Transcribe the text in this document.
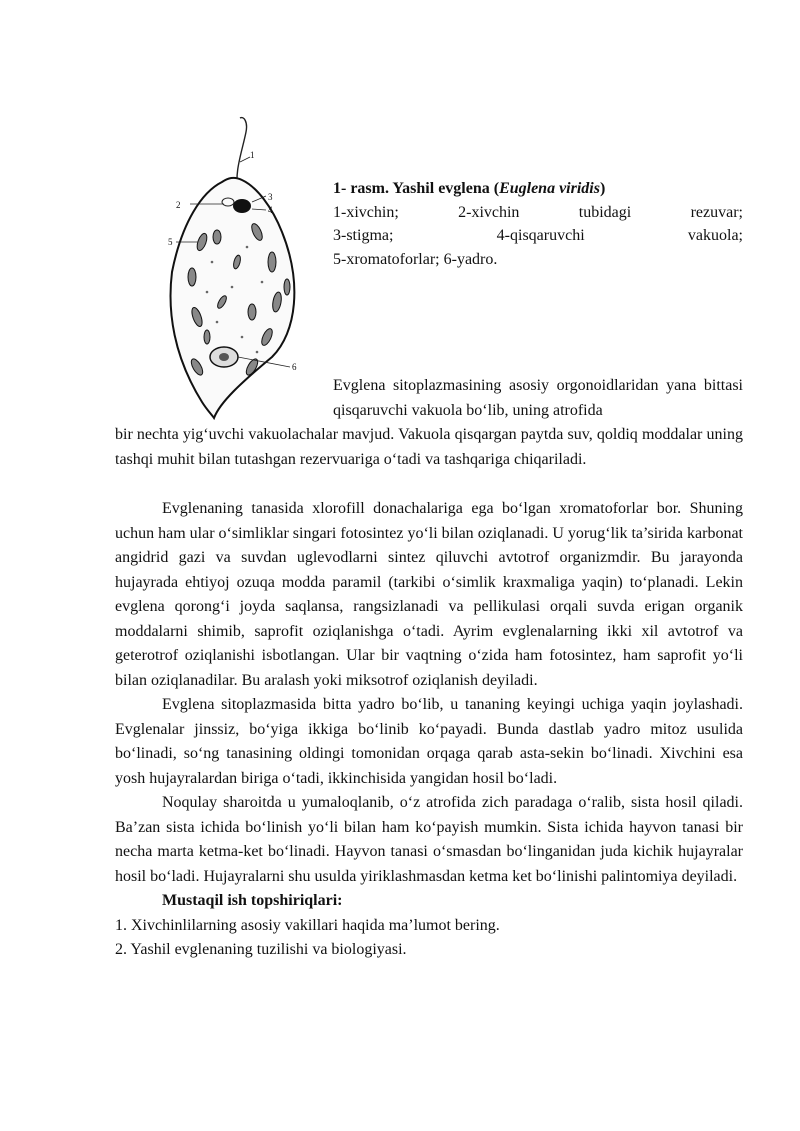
1
2
3
4
5
6
1- rasm. Yashil evglena (Euglena viridis)
1-xivchin;	2-xivchin	tubidagi	rezuvar;
3-stigma;	4-qisqaruvchi	vakuola;
5-xromatoforlar; 6-yadro.
Evglena sitoplazmasining asosiy orgonoidlaridan yana bittasi qisqaruvchi vakuola bo‘lib, uning atrofida
bir nechta yig‘uvchi vakuolachalar mavjud. Vakuola qisqargan paytda suv, qoldiq moddalar uning tashqi muhit bilan tutashgan rezervuariga o‘tadi va tashqariga chiqariladi.

Evglenaning tanasida xlorofill donachalariga ega bo‘lgan xromatoforlar bor. Shuning uchun ham ular o‘simliklar singari fotosintez yo‘li bilan oziqlanadi. U yorug‘lik ta’sirida karbonat angidrid gazi va suvdan uglevodlarni sintez qiluvchi avtotrof organizmdir. Bu jarayonda hujayrada ehtiyoj ozuqa modda paramil (tarkibi o‘simlik kraxmaliga yaqin) to‘planadi. Lekin evglena qorong‘i joyda saqlansa, rangsizlanadi va pellikulasi orqali suvda erigan organik moddalarni shimib, saprofit oziqlanishga o‘tadi. Ayrim evglenalarning ikki xil avtotrof va geterotrof oziqlanishi isbotlangan. Ular bir vaqtning o‘zida ham fotosintez, ham saprofit yo‘li bilan oziqlanadilar. Bu aralash yoki miksotrof oziqlanish deyiladi.

Evglena sitoplazmasida bitta yadro bo‘lib, u tananing keyingi uchiga yaqin joylashadi. Evglenalar jinssiz, bo‘yiga ikkiga bo‘linib ko‘payadi. Bunda dastlab yadro mitoz usulida bo‘linadi, so‘ng tanasining oldingi tomonidan orqaga qarab asta-sekin bo‘linadi. Xivchini esa yosh hujayralardan biriga o‘tadi, ikkinchisida yangidan hosil bo‘ladi.

Noqulay sharoitda u yumaloqlanib, o‘z atrofida zich paradaga o‘ralib, sista hosil qiladi. Ba’zan sista ichida bo‘linish yo‘li bilan ham ko‘payish mumkin. Sista ichida hayvon tanasi bir necha marta ketma-ket bo‘linadi. Hayvon tanasi o‘smasdan bo‘linganidan juda kichik hujayralar hosil bo‘ladi. Hujayralarni shu usulda yiriklashmasdan ketma ket bo‘linishi palintomiya deyiladi.

Mustaqil ish topshiriqlari:

1. Xivchinlilarning asosiy vakillari haqida ma’lumot bering.

2. Yashil evglenaning tuzilishi va biologiyasi.
